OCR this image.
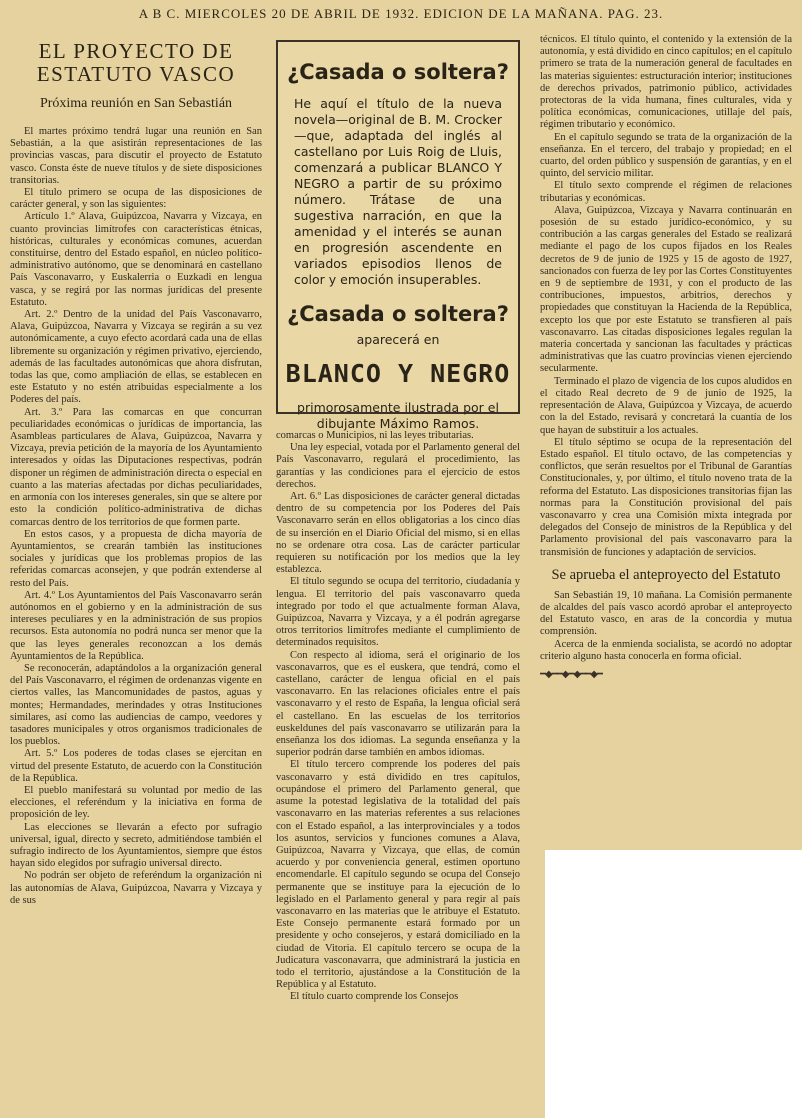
A B C. MIERCOLES 20 DE ABRIL DE 1932. EDICION DE LA MAÑANA. PAG. 23.
EL PROYECTO DE ESTATUTO VASCO
Próxima reunión en San Sebastián

El martes próximo tendrá lugar una reunión en San Sebastián, a la que asistirán representaciones de las provincias vascas, para discutir el proyecto de Estatuto vasco. Consta éste de nueve títulos y de siete disposiciones transitorias.

El título primero se ocupa de las disposiciones de carácter general, y son las siguientes:

Artículo 1.º Alava, Guipúzcoa, Navarra y Vizcaya, en cuanto provincias limítrofes con características étnicas, históricas, culturales y económicas comunes, acuerdan constituirse, dentro del Estado español, en núcleo político-administrativo autónomo, que se denominará en castellano País Vasconavarro, y Euskalerria o Euzkadi en lengua vasca, y se regirá por las normas jurídicas del presente Estatuto.

Art. 2.º Dentro de la unidad del País Vasconavarro, Alava, Guipúzcoa, Navarra y Vizcaya se regirán a su vez autonómicamente, a cuyo efecto acordará cada una de ellas libremente su organización y régimen privativo, ejerciendo, además de las facultades autonómicas que ahora disfrutan, todas las que, como ampliación de ellas, se establecen en este Estatuto y no estén atribuidas especialmente a los Poderes del país.

Art. 3.º Para las comarcas en que concurran peculiaridades económicas o jurídicas de importancia, las Asambleas particulares de Alava, Guipúzcoa, Navarra y Vizcaya, previa petición de la mayoría de los Ayuntamiento interesados y oídas las Diputaciones respectivas, podrán disponer un régimen de administración directa o especial en cuanto a las materias afectadas por dichas peculiaridades, en armonía con los intereses generales, sin que se altere por esto la condición político-administrativa de dichas comarcas dentro de los territorios de que formen parte.

En estos casos, y a propuesta de dicha mayoría de Ayuntamientos, se crearán también las instituciones sociales y jurídicas que los problemas propios de las referidas comarcas aconsejen, y que podrán extenderse al resto del País.

Art. 4.º Los Ayuntamientos del País Vasconavarro serán autónomos en el gobierno y en la administración de sus intereses peculiares y en la administración de sus propios recursos. Esta autonomía no podrá nunca ser menor que la que las leyes generales reconozcan a los demás Ayuntamientos de la República.

Se reconocerán, adaptándolos a la organización general del País Vasconavarro, el régimen de ordenanzas vigente en ciertos valles, las Mancomunidades de pastos, aguas y montes; Hermandades, merindades y otras Instituciones similares, así como las audiencias de campo, veedores y tasadores municipales y otros organismos tradicionales de los pueblos.

Art. 5.º Los poderes de todas clases se ejercitan en virtud del presente Estatuto, de acuerdo con la Constitución de la República.

El pueblo manifestará su voluntad por medio de las elecciones, el referéndum y la iniciativa en forma de proposición de ley.

Las elecciones se llevarán a efecto por sufragio universal, igual, directo y secreto, admitiéndose también el sufragio indirecto de los Ayuntamientos, siempre que éstos hayan sido elegidos por sufragio universal directo.

No podrán ser objeto de referéndum la organización ni las autonomías de Alava, Guipúzcoa, Navarra y Vizcaya y de sus

¿Casada o soltera?
He aquí el título de la nueva novela—original de B. M. Crocker—que, adaptada del inglés al castellano por Luis Roig de Lluis, comenzará a publicar BLANCO Y NEGRO a partir de su próximo número. Trátase de una sugestiva narración, en que la amenidad y el interés se aunan en progresión ascendente en variados episodios llenos de color y emoción insuperables.
¿Casada o soltera?
aparecerá en
BLANCO Y NEGRO
primorosamente ilustrada por el dibujante Máximo Ramos.

comarcas o Municipios, ni las leyes tributarias.

Una ley especial, votada por el Parlamento general del País Vasconavarro, regulará el procedimiento, las garantías y las condiciones para el ejercicio de estos derechos.

Art. 6.º Las disposiciones de carácter general dictadas dentro de su competencia por los Poderes del País Vasconavarro serán en ellos obligatorias a los cinco días de su inserción en el Diario Oficial del mismo, si en ellas no se ordenare otra cosa. Las de carácter particular requieren su notificación por los medios que la ley establezca.

El título segundo se ocupa del territorio, ciudadanía y lengua. El territorio del país vasconavarro queda integrado por todo el que actualmente forman Alava, Guipúzcoa, Navarra y Vizcaya, y a él podrán agregarse otros territorios limítrofes mediante el cumplimiento de determinados requisitos.

Con respecto al idioma, será el originario de los vasconavarros, que es el euskera, que tendrá, como el castellano, carácter de lengua oficial en el país vasconavarro. En las relaciones oficiales entre el país vasconavarro y el resto de España, la lengua oficial será el castellano. En las escuelas de los territorios euskeldunes del país vasconavarro se utilizarán para la enseñanza los dos idiomas. La segunda enseñanza y la superior podrán darse también en ambos idiomas.

El título tercero comprende los poderes del país vasconavarro y está dividido en tres capítulos, ocupándose el primero del Parlamento general, que asume la potestad legislativa de la totalidad del país vasconavarro en las materias referentes a sus relaciones con el Estado español, a las interprovinciales y a todos los asuntos, servicios y funciones comunes a Alava, Guipúzcoa, Navarra y Vizcaya, que ellas, de común acuerdo y por conveniencia general, estimen oportuno encomendarle. El capítulo segundo se ocupa del Consejo permanente que se instituye para la ejecución de lo legislado en el Parlamento general y para regir al país vasconavarro en las materias que le atribuye el Estatuto. Este Consejo permanente estará formado por un presidente y ocho consejeros, y estará domiciliado en la ciudad de Vitoria. El capítulo tercero se ocupa de la Judicatura vasconavarra, que administrará la justicia en todo el territorio, ajustándose a la Constitución de la República y al Estatuto.

El título cuarto comprende los Consejos

técnicos. El título quinto, el contenido y la extensión de la autonomía, y está dividido en cinco capítulos; en el capítulo primero se trata de la numeración general de facultades en las materias siguientes: estructuración interior; instituciones de derechos privados, patrimonio público, actividades protectoras de la vida humana, fines culturales, vida y política económicas, comunicaciones, utillaje del país, régimen tributario y económico.

En el capítulo segundo se trata de la organización de la enseñanza. En el tercero, del trabajo y propiedad; en el cuarto, del orden público y suspensión de garantías, y en el quinto, del servicio militar.

El título sexto comprende el régimen de relaciones tributarias y económicas.

Alava, Guipúzcoa, Vizcaya y Navarra continuarán en posesión de su estado jurídico-económico, y su contribución a las cargas generales del Estado se realizará mediante el pago de los cupos fijados en los Reales decretos de 9 de junio de 1925 y 15 de agosto de 1927, sancionados con fuerza de ley por las Cortes Constituyentes en 9 de septiembre de 1931, y con el producto de las contribuciones, impuestos, arbitrios, derechos y propiedades que constituyan la Hacienda de la República, excepto los que por este Estatuto se transfieren al país vasconavarro. Las citadas disposiciones legales regulan la materia concertada y sancionan las facultades y prácticas administrativas que las cuatro provincias vienen ejerciendo secularmente.

Terminado el plazo de vigencia de los cupos aludidos en el citado Real decreto de 9 de junio de 1925, la representación de Alava, Guipúzcoa y Vizcaya, de acuerdo con la del Estado, revisará y concretará la cuantía de los que hayan de substituir a los actuales.

El título séptimo se ocupa de la representación del Estado español. El título octavo, de las competencias y conflictos, que serán resueltos por el Tribunal de Garantías Constitucionales, y, por último, el título noveno trata de la reforma del Estatuto. Las disposiciones transitorias fijan las normas para la Constitución provisional del país vasconavarro y crea una Comisión mixta integrada por delegados del Consejo de ministros de la República y del Parlamento provisional del país vasconavarro para la transmisión de funciones y adaptación de servicios.

Se aprueba el anteproyecto del Estatuto

San Sebastián 19, 10 mañana. La Comisión permanente de alcaldes del país vasco acordó aprobar el anteproyecto del Estatuto vasco, en aras de la concordia y mutua comprensión.

Acerca de la enmienda socialista, se acordó no adoptar criterio alguno hasta conocerla en forma oficial.

━◆━━◆━◆━━◆━
